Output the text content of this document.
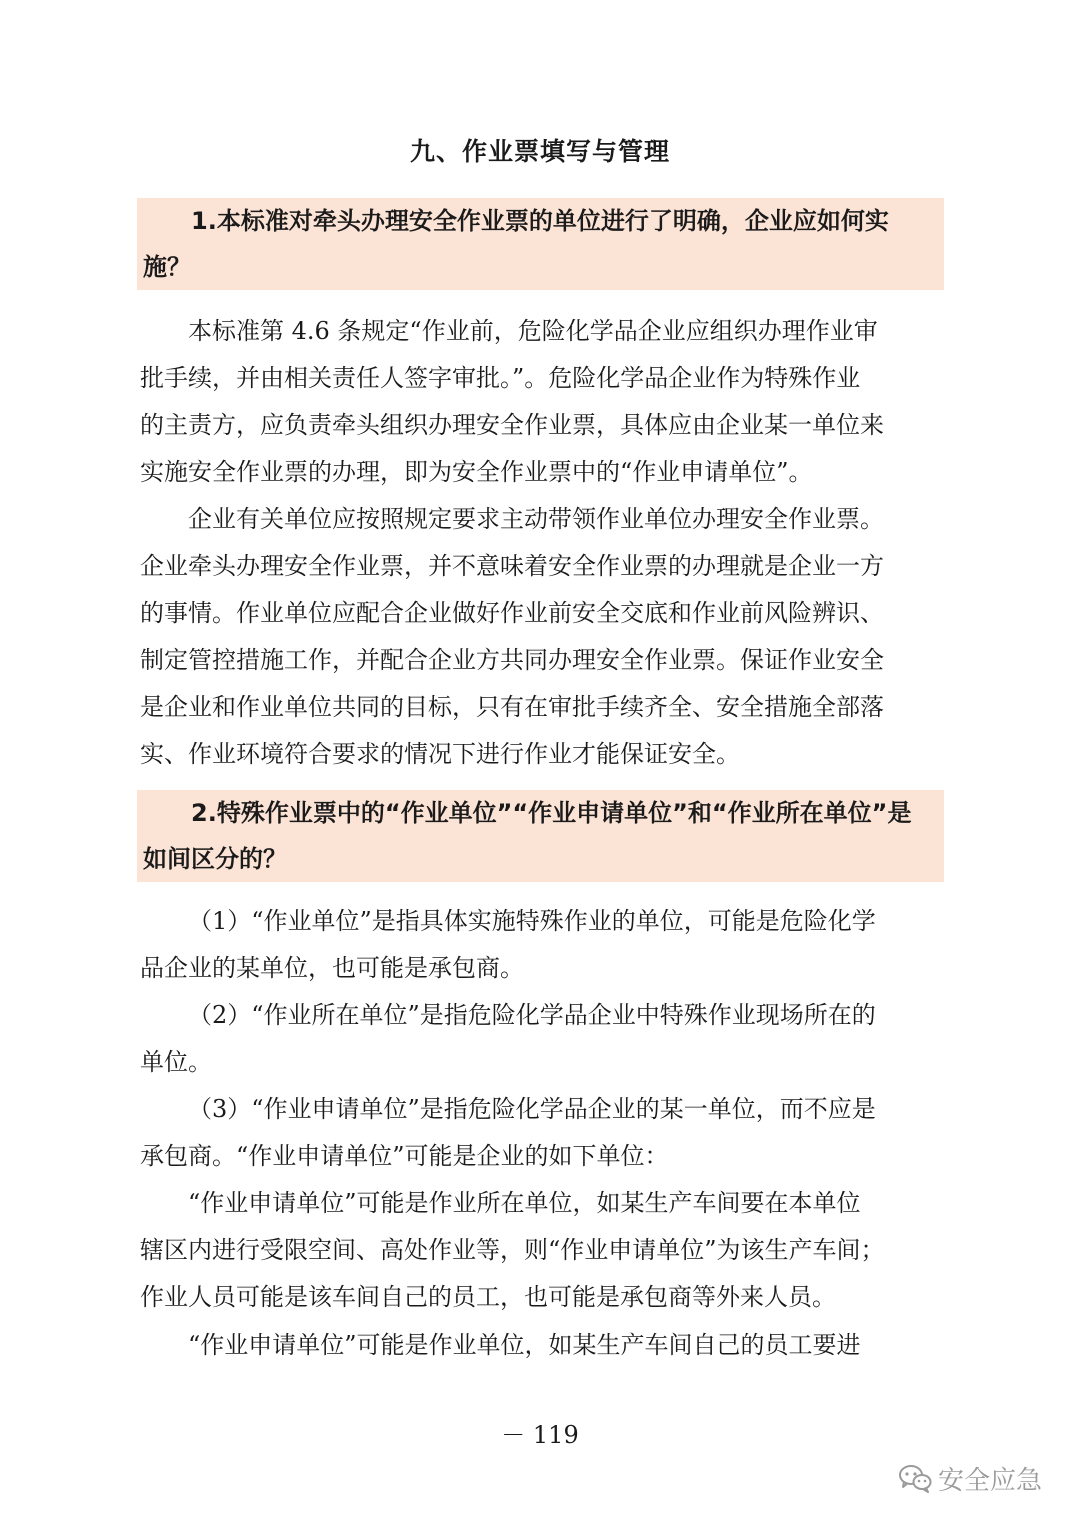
九、作业票填写与管理
1.本标准对牵头办理安全作业票的单位进行了明确，企业应如何实
施？

本标准第 4.6 条规定“作业前，危险化学品企业应组织办理作业审
批手续，并由相关责任人签字审批。”。危险化学品企业作为特殊作业
的主责方，应负责牵头组织办理安全作业票，具体应由企业某一单位来
实施安全作业票的办理，即为安全作业票中的“作业申请单位”。

企业有关单位应按照规定要求主动带领作业单位办理安全作业票。
企业牵头办理安全作业票，并不意味着安全作业票的办理就是企业一方
的事情。作业单位应配合企业做好作业前安全交底和作业前风险辨识、
制定管控措施工作，并配合企业方共同办理安全作业票。保证作业安全
是企业和作业单位共同的目标，只有在审批手续齐全、安全措施全部落
实、作业环境符合要求的情况下进行作业才能保证安全。

2.特殊作业票中的“作业单位”“作业申请单位”和“作业所在单位”是
如间区分的？

（1）“作业单位”是指具体实施特殊作业的单位，可能是危险化学
品企业的某单位，也可能是承包商。

（2）“作业所在单位”是指危险化学品企业中特殊作业现场所在的
单位。

（3）“作业申请单位”是指危险化学品企业的某一单位，而不应是
承包商。“作业申请单位”可能是企业的如下单位：

“作业申请单位”可能是作业所在单位，如某生产车间要在本单位
辖区内进行受限空间、高处作业等，则“作业申请单位”为该生产车间；
作业人员可能是该车间自己的员工，也可能是承包商等外来人员。

“作业申请单位”可能是作业单位，如某生产车间自己的员工要进

－ 119
安全应急
